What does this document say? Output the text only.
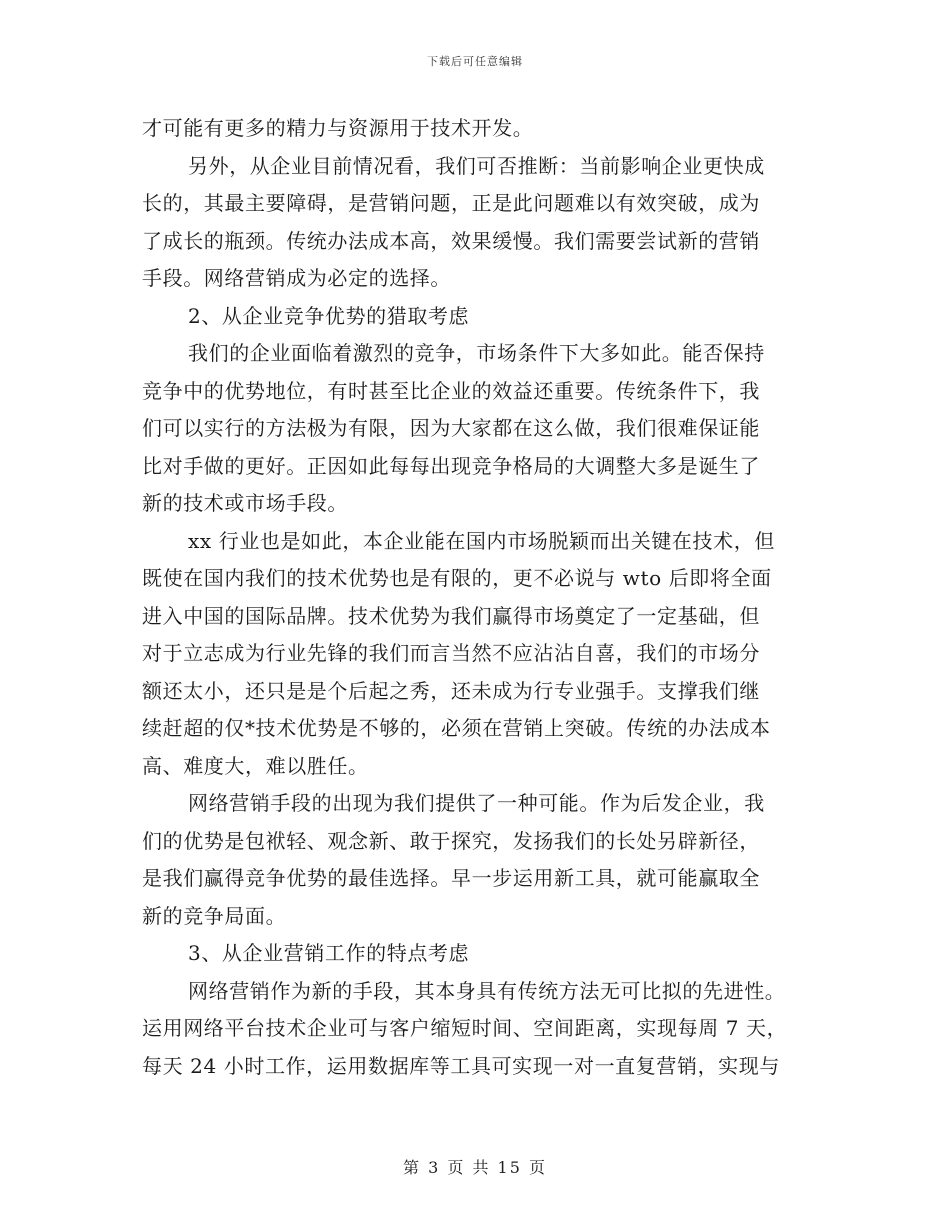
下载后可任意编辑
才可能有更多的精力与资源用于技术开发。
另外，从企业目前情况看，我们可否推断：当前影响企业更快成
长的，其最主要障碍，是营销问题，正是此问题难以有效突破，成为
了成长的瓶颈。传统办法成本高，效果缓慢。我们需要尝试新的营销
手段。网络营销成为必定的选择。
2、从企业竞争优势的猎取考虑
我们的企业面临着激烈的竞争，市场条件下大多如此。能否保持
竞争中的优势地位，有时甚至比企业的效益还重要。传统条件下，我
们可以实行的方法极为有限，因为大家都在这么做，我们很难保证能
比对手做的更好。正因如此每每出现竞争格局的大调整大多是诞生了
新的技术或市场手段。
xx 行业也是如此，本企业能在国内市场脱颖而出关键在技术，但
既使在国内我们的技术优势也是有限的，更不必说与 wto 后即将全面
进入中国的国际品牌。技术优势为我们赢得市场奠定了一定基础，但
对于立志成为行业先锋的我们而言当然不应沾沾自喜，我们的市场分
额还太小，还只是是个后起之秀，还未成为行专业强手。支撑我们继
续赶超的仅*技术优势是不够的，必须在营销上突破。传统的办法成本
高、难度大，难以胜任。
网络营销手段的出现为我们提供了一种可能。作为后发企业，我
们的优势是包袱轻、观念新、敢于探究，发扬我们的长处另辟新径，
是我们赢得竞争优势的最佳选择。早一步运用新工具，就可能赢取全
新的竞争局面。
3、从企业营销工作的特点考虑
网络营销作为新的手段，其本身具有传统方法无可比拟的先进性。
运用网络平台技术企业可与客户缩短时间、空间距离，实现每周 7 天，
每天 24 小时工作，运用数据库等工具可实现一对一直复营销，实现与
第 3 页 共 15 页
